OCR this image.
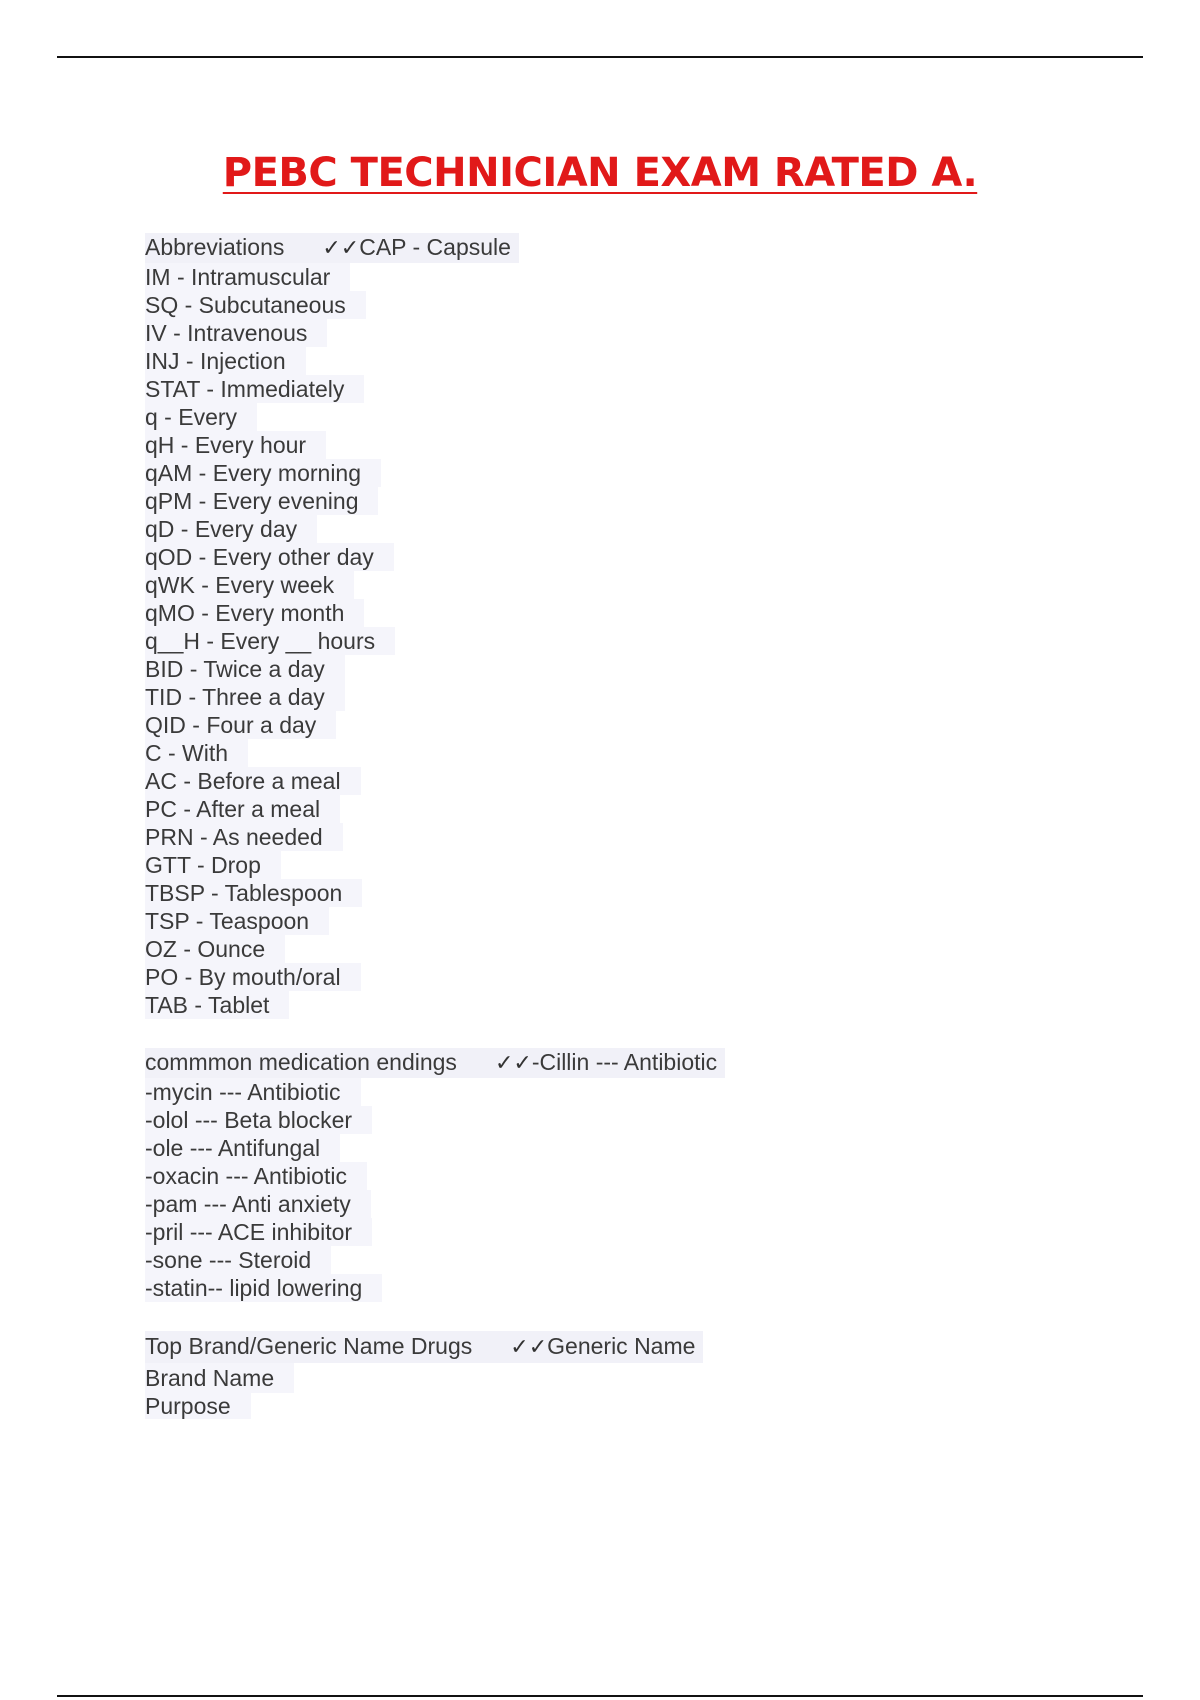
PEBC TECHNICIAN EXAM RATED A.
Abbreviations ✓✓CAP - Capsule
IM - Intramuscular
SQ - Subcutaneous
IV - Intravenous
INJ - Injection
STAT - Immediately
q - Every
qH - Every hour
qAM - Every morning
qPM - Every evening
qD - Every day
qOD - Every other day
qWK - Every week
qMO - Every month
q__H - Every __ hours
BID - Twice a day
TID - Three a day
QID - Four a day
C - With
AC - Before a meal
PC - After a meal
PRN - As needed
GTT - Drop
TBSP - Tablespoon
TSP - Teaspoon
OZ - Ounce
PO - By mouth/oral
TAB - Tablet
commmon medication endings ✓✓-Cillin --- Antibiotic
-mycin --- Antibiotic
-olol --- Beta blocker
-ole --- Antifungal
-oxacin --- Antibiotic
-pam --- Anti anxiety
-pril --- ACE inhibitor
-sone --- Steroid
-statin-- lipid lowering
Top Brand/Generic Name Drugs ✓✓Generic Name
Brand Name
Purpose
